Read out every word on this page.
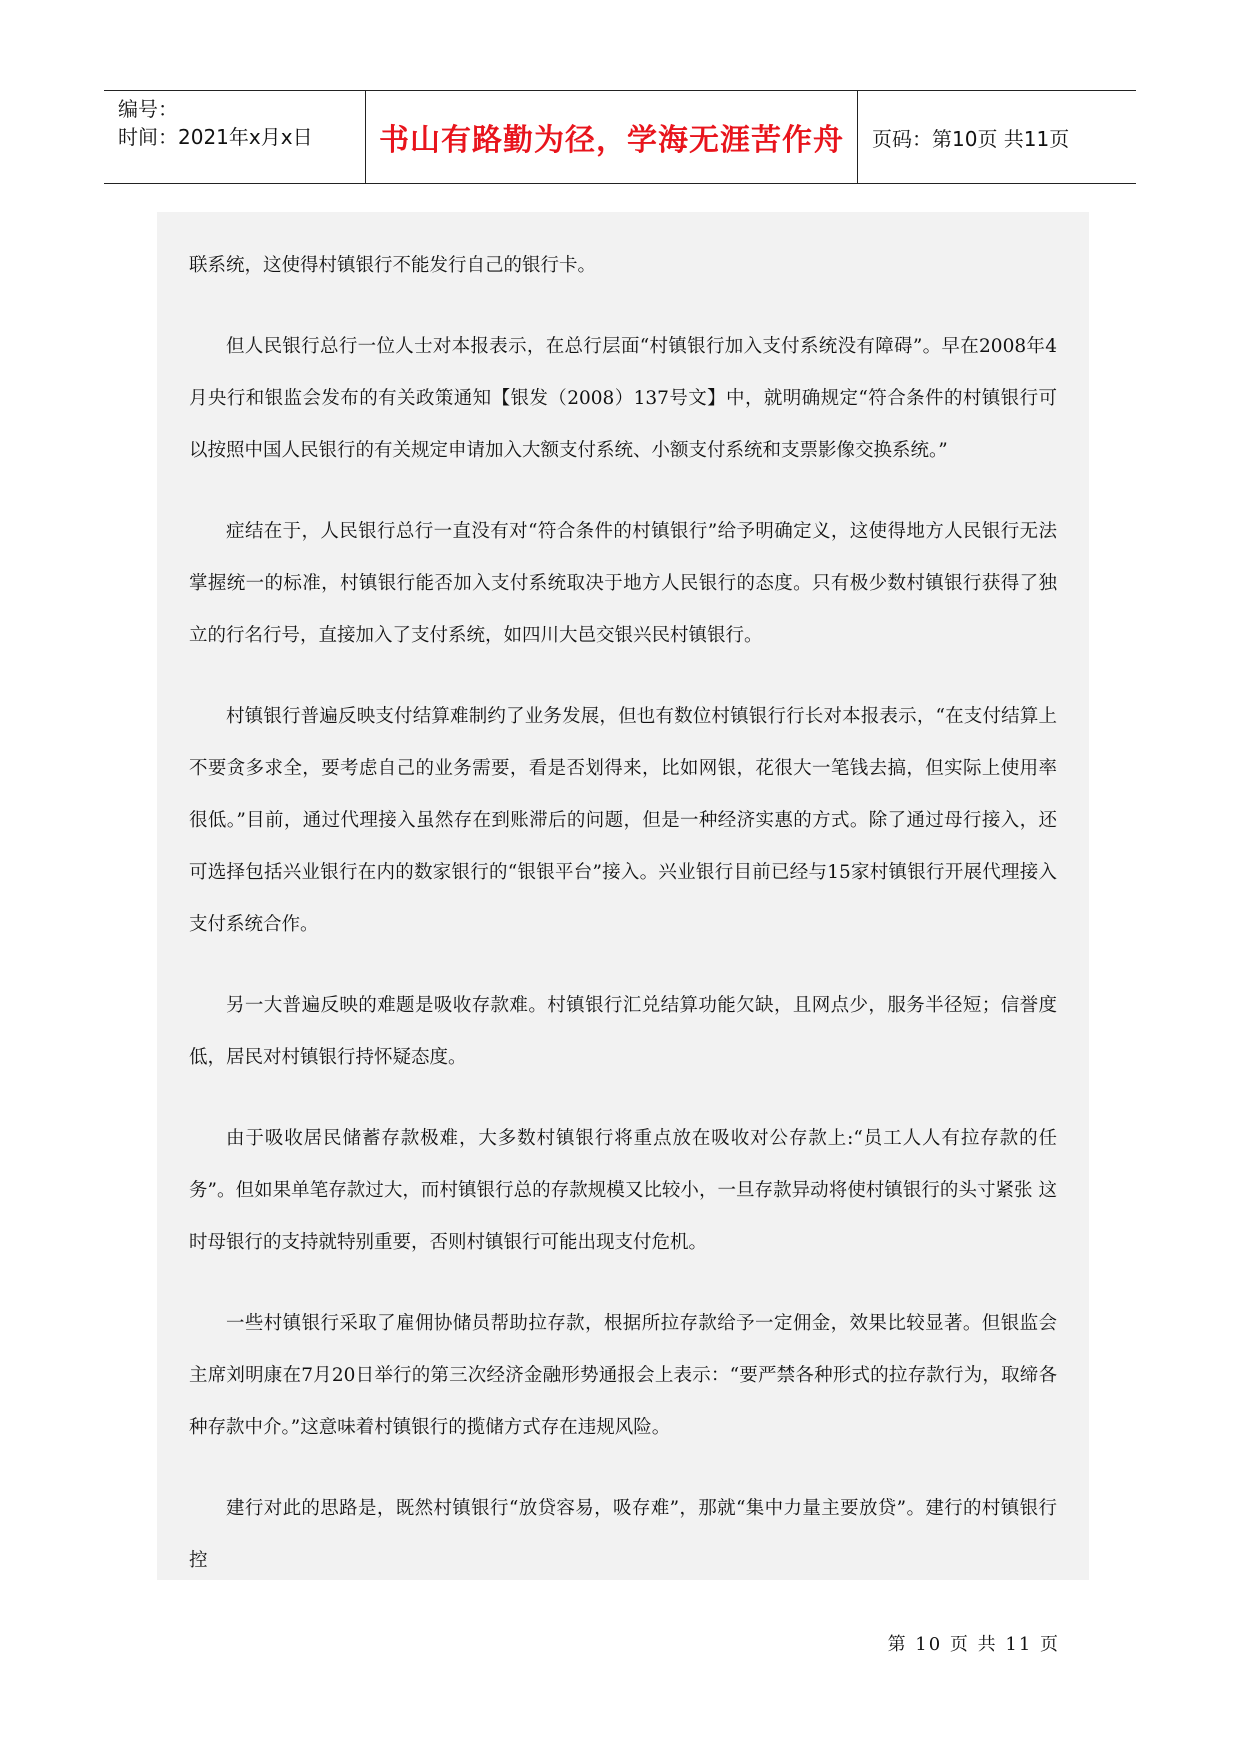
编号：
时间：2021年x月x日	书山有路勤为径，学海无涯苦作舟	页码：第10页 共11页

联系统，这使得村镇银行不能发行自己的银行卡。

但人民银行总行一位人士对本报表示，在总行层面“村镇银行加入支付系统没有障碍”。早在2008年4月央行和银监会发布的有关政策通知【银发（2008）137号文】中，就明确规定“符合条件的村镇银行可以按照中国人民银行的有关规定申请加入大额支付系统、小额支付系统和支票影像交换系统。”

症结在于，人民银行总行一直没有对“符合条件的村镇银行”给予明确定义，这使得地方人民银行无法掌握统一的标准，村镇银行能否加入支付系统取决于地方人民银行的态度。只有极少数村镇银行获得了独立的行名行号，直接加入了支付系统，如四川大邑交银兴民村镇银行。

村镇银行普遍反映支付结算难制约了业务发展，但也有数位村镇银行行长对本报表示，“在支付结算上不要贪多求全，要考虑自己的业务需要，看是否划得来，比如网银，花很大一笔钱去搞，但实际上使用率很低。”目前，通过代理接入虽然存在到账滞后的问题，但是一种经济实惠的方式。除了通过母行接入，还可选择包括兴业银行在内的数家银行的“银银平台”接入。兴业银行目前已经与15家村镇银行开展代理接入支付系统合作。

另一大普遍反映的难题是吸收存款难。村镇银行汇兑结算功能欠缺，且网点少，服务半径短；信誉度低，居民对村镇银行持怀疑态度。

由于吸收居民储蓄存款极难，大多数村镇银行将重点放在吸收对公存款上:“员工人人有拉存款的任务”。但如果单笔存款过大，而村镇银行总的存款规模又比较小，一旦存款异动将使村镇银行的头寸紧张 这时母银行的支持就特别重要，否则村镇银行可能出现支付危机。

一些村镇银行采取了雇佣协储员帮助拉存款，根据所拉存款给予一定佣金，效果比较显著。但银监会主席刘明康在7月20日举行的第三次经济金融形势通报会上表示：“要严禁各种形式的拉存款行为，取缔各种存款中介。”这意味着村镇银行的揽储方式存在违规风险。

建行对此的思路是，既然村镇银行“放贷容易，吸存难”，那就“集中力量主要放贷”。建行的村镇银行控

第 10 页 共 11 页
